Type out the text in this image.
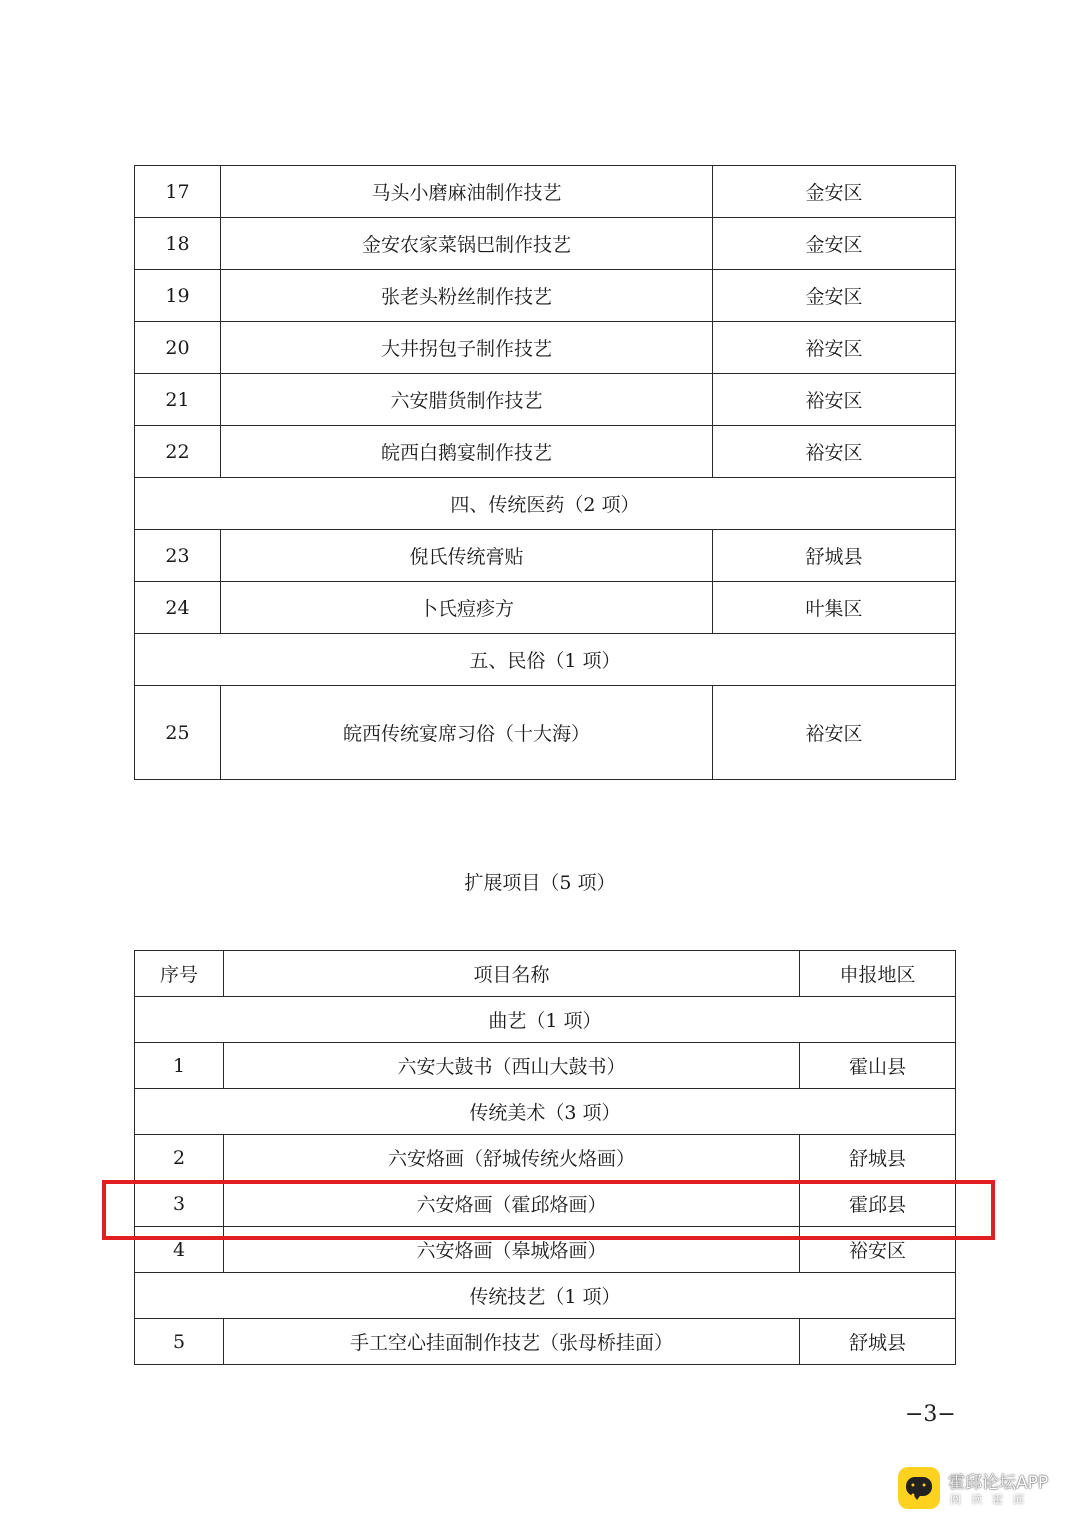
17	马头小磨麻油制作技艺	金安区
18	金安农家菜锅巴制作技艺	金安区
19	张老头粉丝制作技艺	金安区
20	大井拐包子制作技艺	裕安区
21	六安腊货制作技艺	裕安区
22	皖西白鹅宴制作技艺	裕安区
四、传统医药（2 项）		
23	倪氏传统膏贴	舒城县
24	卜氏痘疹方	叶集区
五、民俗（1 项）		
25	皖西传统宴席习俗（十大海）	裕安区
扩展项目（5 项）
序号	项目名称	申报地区
曲艺（1 项）		
1	六安大鼓书（西山大鼓书）	霍山县
传统美术（3 项）		
2	六安烙画（舒城传统火烙画）	舒城县
3	六安烙画（霍邱烙画）	霍邱县
4	六安烙画（皋城烙画）	裕安区
传统技艺（1 项）		
5	手工空心挂面制作技艺（张母桥挂面）	舒城县
−3−
• • •
霍邱论坛APP
阅读霍邱
